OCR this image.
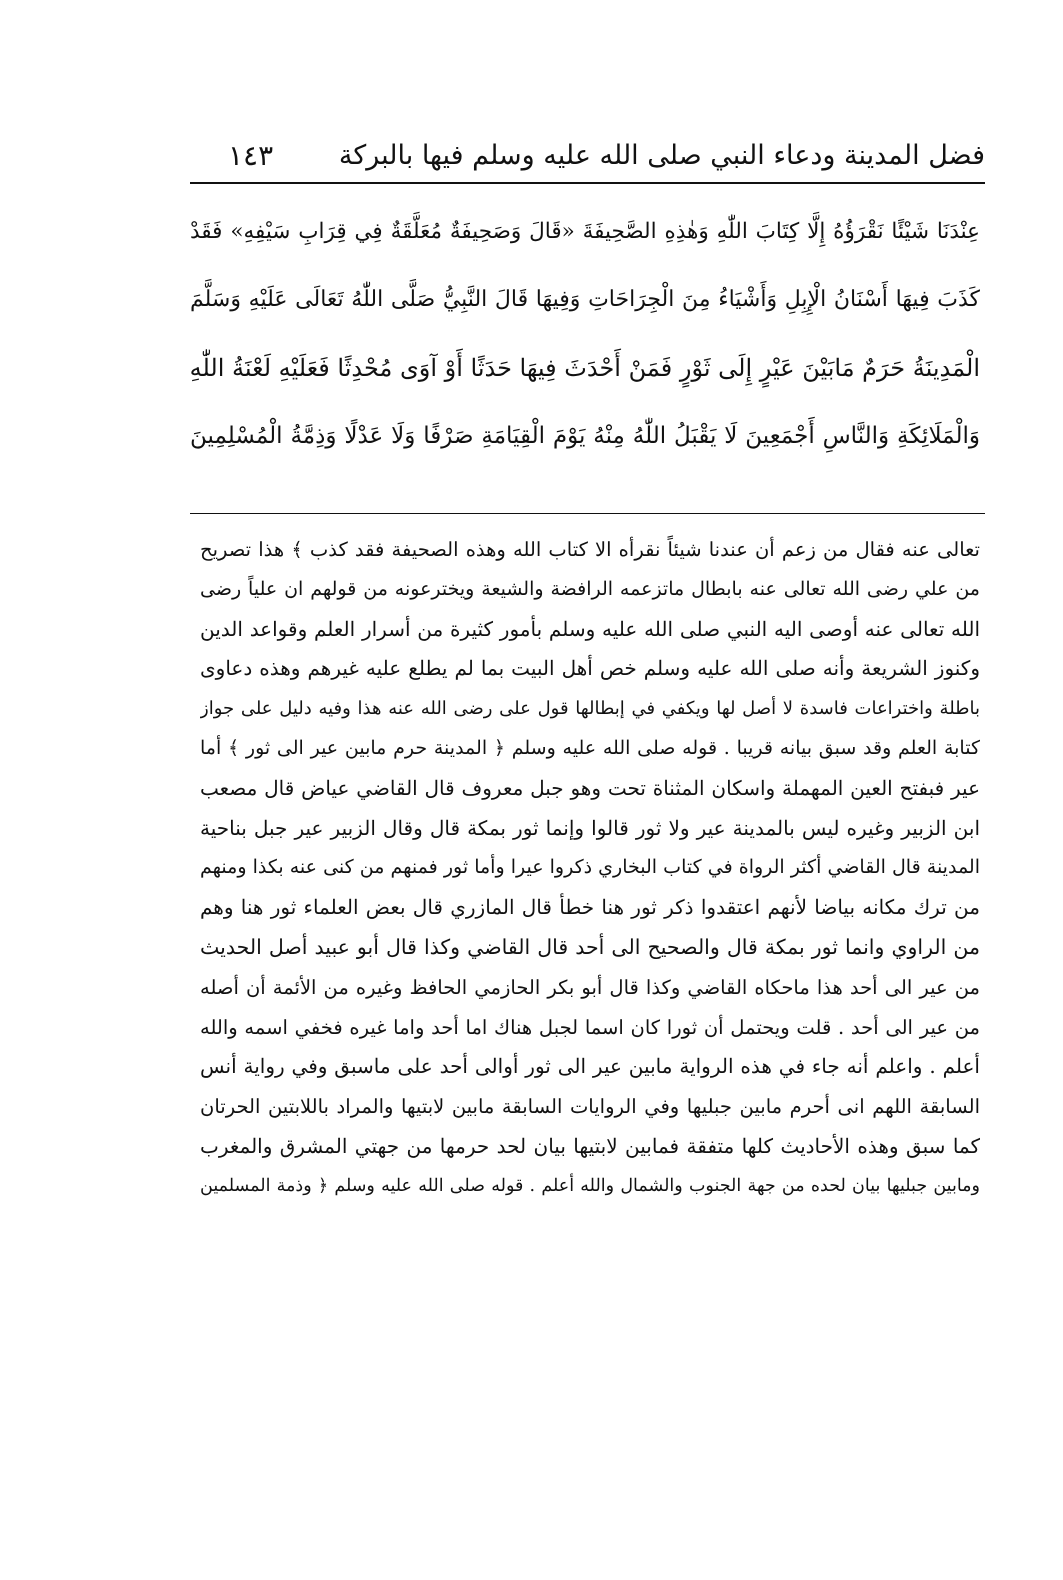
فضل المدينة ودعاء النبي صلى الله عليه وسلم فيها بالبركة
١٤٣
عِنْدَنَا شَيْئًا نَقْرَؤُهُ إِلَّا كِتَابَ اللّٰهِ وَهٰذِهِ الصَّحِيفَةَ «قَالَ وَصَحِيفَةٌ مُعَلَّقَةٌ فِي قِرَابِ سَيْفِهِ» فَقَدْ
كَذَبَ فِيهَا أَسْنَانُ الْإِبِلِ وَأَشْيَاءُ مِنَ الْجِرَاحَاتِ وَفِيهَا قَالَ النَّبِيُّ صَلَّى اللّٰهُ تَعَالَى عَلَيْهِ وَسَلَّمَ
الْمَدِينَةُ حَرَمٌ مَابَيْنَ عَيْرٍ إِلَى ثَوْرٍ فَمَنْ أَحْدَثَ فِيهَا حَدَثًا أَوْ آوَى مُحْدِثًا فَعَلَيْهِ لَعْنَةُ اللّٰهِ
وَالْمَلَائِكَةِ وَالنَّاسِ أَجْمَعِينَ لَا يَقْبَلُ اللّٰهُ مِنْهُ يَوْمَ الْقِيَامَةِ صَرْفًا وَلَا عَدْلًا وَذِمَّةُ الْمُسْلِمِينَ
تعالى عنه فقال من زعم أن عندنا شيئاً نقرأه الا كتاب الله وهذه الصحيفة فقد كذب ﴾ هذا تصريح
من علي رضى الله تعالى عنه بابطال ماتزعمه الرافضة والشيعة ويخترعونه من قولهم ان علياً رضى
الله تعالى عنه أوصى اليه النبي صلى الله عليه وسلم بأمور كثيرة من أسرار العلم وقواعد الدين
وكنوز الشريعة وأنه صلى الله عليه وسلم خص أهل البيت بما لم يطلع عليه غيرهم وهذه دعاوى
باطلة واختراعات فاسدة لا أصل لها ويكفي في إبطالها قول على رضى الله عنه هذا وفيه دليل على جواز
كتابة العلم وقد سبق بيانه قريبا . قوله صلى الله عليه وسلم ﴿ المدينة حرم مابين عير الى ثور ﴾ أما
عير فبفتح العين المهملة واسكان المثناة تحت وهو جبل معروف قال القاضي عياض قال مصعب
ابن الزبير وغيره ليس بالمدينة عير ولا ثور قالوا وإنما ثور بمكة قال وقال الزبير عير جبل بناحية
المدينة قال القاضي أكثر الرواة في كتاب البخاري ذكروا عيرا وأما ثور فمنهم من كنى عنه بكذا ومنهم
من ترك مكانه بياضا لأنهم اعتقدوا ذكر ثور هنا خطأ قال المازري قال بعض العلماء ثور هنا وهم
من الراوي وانما ثور بمكة قال والصحيح الى أحد قال القاضي وكذا قال أبو عبيد أصل الحديث
من عير الى أحد هذا ماحكاه القاضي وكذا قال أبو بكر الحازمي الحافظ وغيره من الأئمة أن أصله
من عير الى أحد . قلت ويحتمل أن ثورا كان اسما لجبل هناك اما أحد واما غيره فخفي اسمه والله
أعلم . واعلم أنه جاء في هذه الرواية مابين عير الى ثور أوالى أحد على ماسبق وفي رواية أنس
السابقة اللهم انى أحرم مابين جبليها وفي الروايات السابقة مابين لابتيها والمراد باللابتين الحرتان
كما سبق وهذه الأحاديث كلها متفقة فمابين لابتيها بيان لحد حرمها من جهتي المشرق والمغرب
ومابين جبليها بيان لحده من جهة الجنوب والشمال والله أعلم . قوله صلى الله عليه وسلم ﴿ وذمة المسلمين
